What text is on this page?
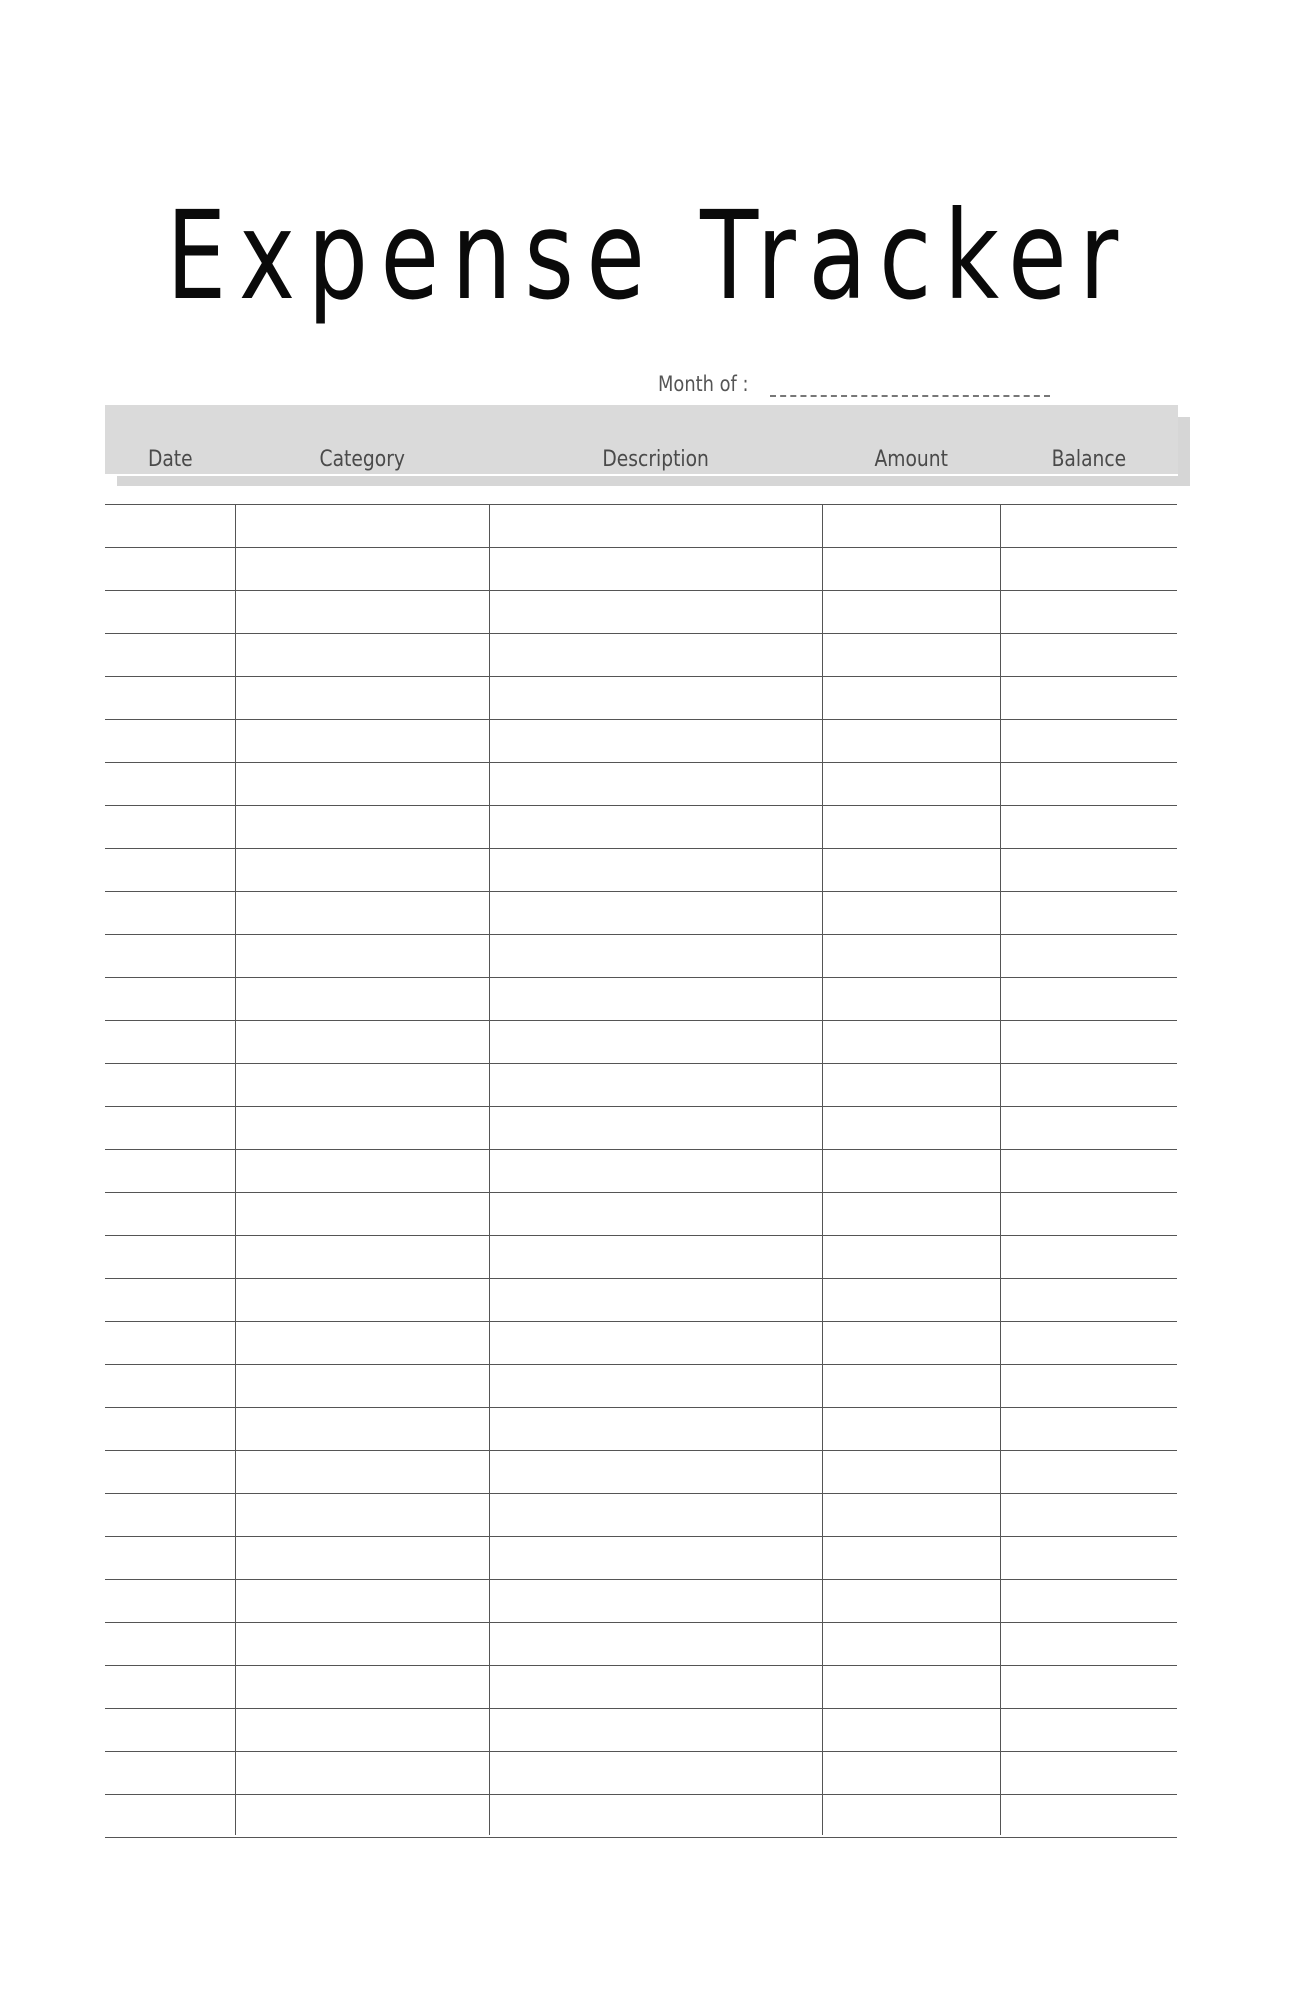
Expense Tracker
Month of :
Date	Category	Description	Amount	Balance
